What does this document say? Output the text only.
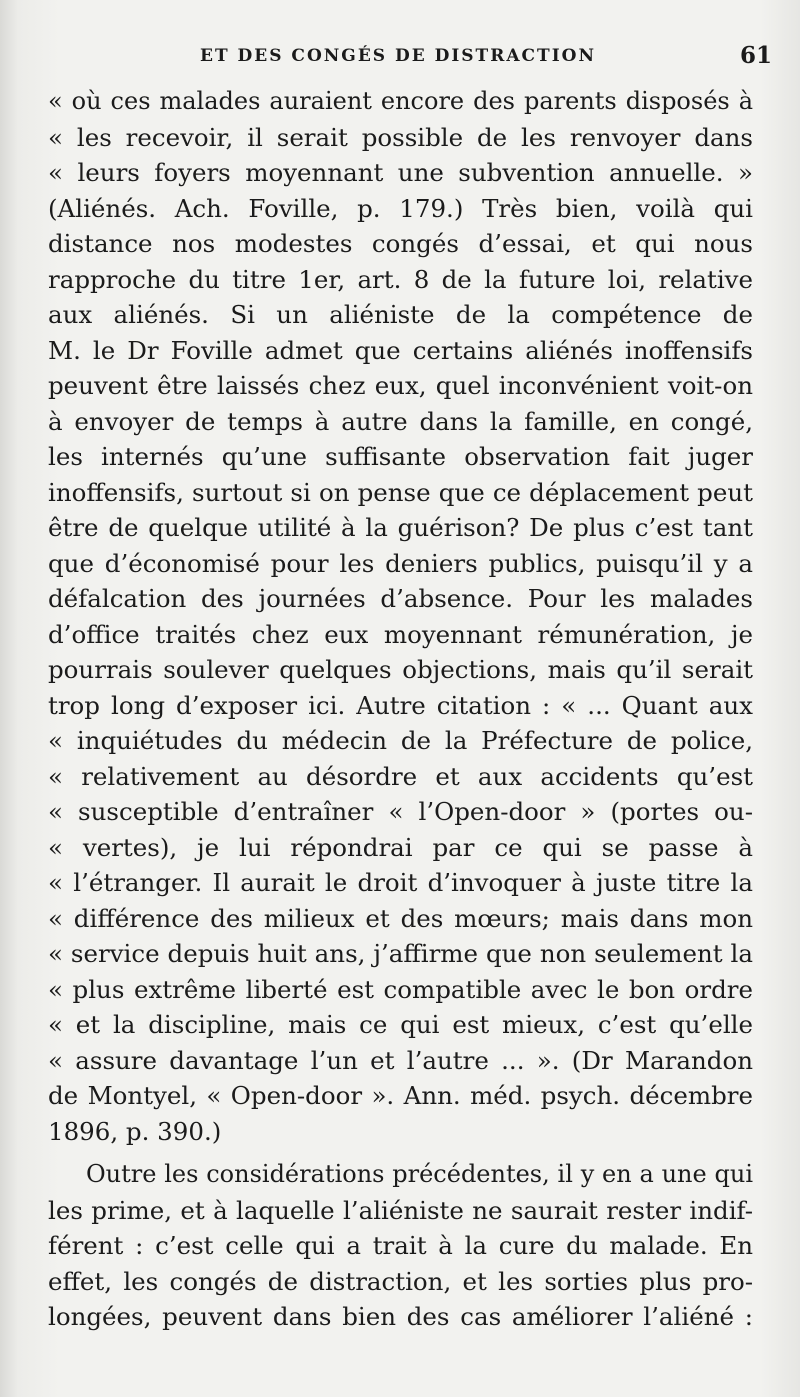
ET DES CONGÉS DE DISTRACTION	61
« où ces malades auraient encore des parents disposés à
« les recevoir, il serait possible de les renvoyer dans
« leurs foyers moyennant une subvention annuelle. »
(Aliénés. Ach. Foville, p. 179.) Très bien, voilà qui
distance nos modestes congés d’essai, et qui nous
rapproche du titre 1er, art. 8 de la future loi, relative
aux aliénés. Si un aliéniste de la compétence de
M. le Dr Foville admet que certains aliénés inoffensifs
peuvent être laissés chez eux, quel inconvénient voit-on
à envoyer de temps à autre dans la famille, en congé,
les internés qu’une suffisante observation fait juger
inoffensifs, surtout si on pense que ce déplacement peut
être de quelque utilité à la guérison? De plus c’est tant
que d’économisé pour les deniers publics, puisqu’il y a
défalcation des journées d’absence. Pour les malades
d’office traités chez eux moyennant rémunération, je
pourrais soulever quelques objections, mais qu’il serait
trop long d’exposer ici. Autre citation : « ... Quant aux
« inquiétudes du médecin de la Préfecture de police,
« relativement au désordre et aux accidents qu’est
« susceptible d’entraîner « l’Open-door » (portes ou-
« vertes), je lui répondrai par ce qui se passe à
« l’étranger. Il aurait le droit d’invoquer à juste titre la
« différence des milieux et des mœurs; mais dans mon
« service depuis huit ans, j’affirme que non seulement la
« plus extrême liberté est compatible avec le bon ordre
« et la discipline, mais ce qui est mieux, c’est qu’elle
« assure davantage l’un et l’autre ... ». (Dr Marandon
de Montyel, « Open-door ». Ann. méd. psych. décembre
1896, p. 390.)
Outre les considérations précédentes, il y en a une qui
les prime, et à laquelle l’aliéniste ne saurait rester indif-
férent : c’est celle qui a trait à la cure du malade. En
effet, les congés de distraction, et les sorties plus pro-
longées, peuvent dans bien des cas améliorer l’aliéné :
